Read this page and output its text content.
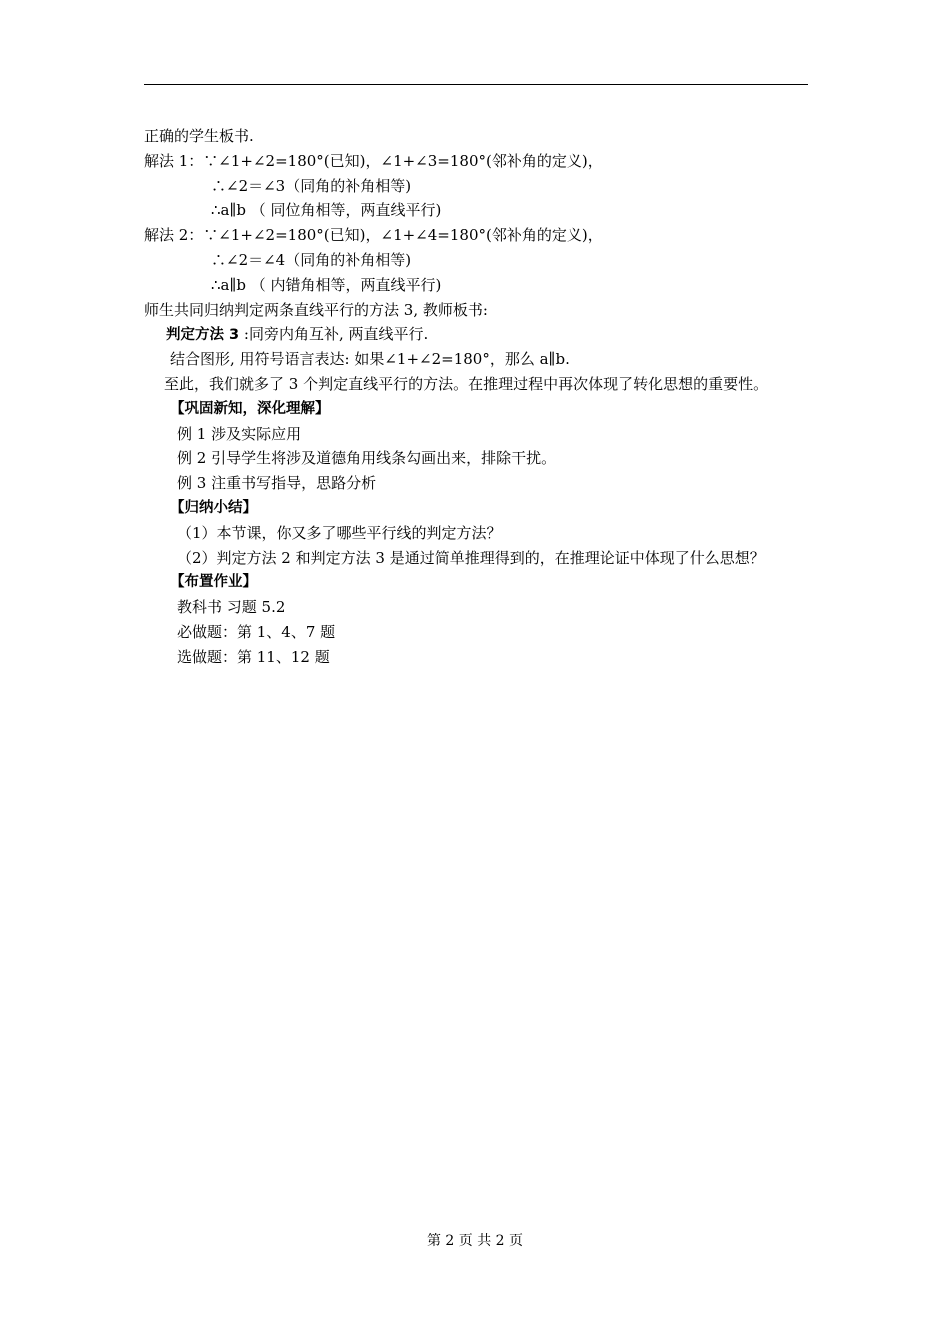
正确的学生板书.
解法 1：∵∠1+∠2=180°(已知)，∠1+∠3=180°(邻补角的定义)，
∴∠2＝∠3（同角的补角相等)
∴a∥b （ 同位角相等，两直线平行)
解法 2：∵∠1+∠2=180°(已知)，∠1+∠4=180°(邻补角的定义)，
∴∠2＝∠4（同角的补角相等)
∴a∥b （ 内错角相等，两直线平行)
师生共同归纳判定两条直线平行的方法 3, 教师板书:
判定方法 3 :同旁内角互补, 两直线平行.
结合图形, 用符号语言表达: 如果∠1+∠2=180°，那么 a∥b.
至此，我们就多了 3 个判定直线平行的方法。在推理过程中再次体现了转化思想的重要性。
【巩固新知，深化理解】
例 1 涉及实际应用
例 2 引导学生将涉及道德角用线条勾画出来，排除干扰。
例 3 注重书写指导，思路分析
【归纳小结】
（1）本节课，你又多了哪些平行线的判定方法？
（2）判定方法 2 和判定方法 3 是通过简单推理得到的，在推理论证中体现了什么思想？
【布置作业】
教科书 习题 5.2
必做题：第 1、4、7 题
选做题：第 11、12 题
第 2 页 共 2 页
